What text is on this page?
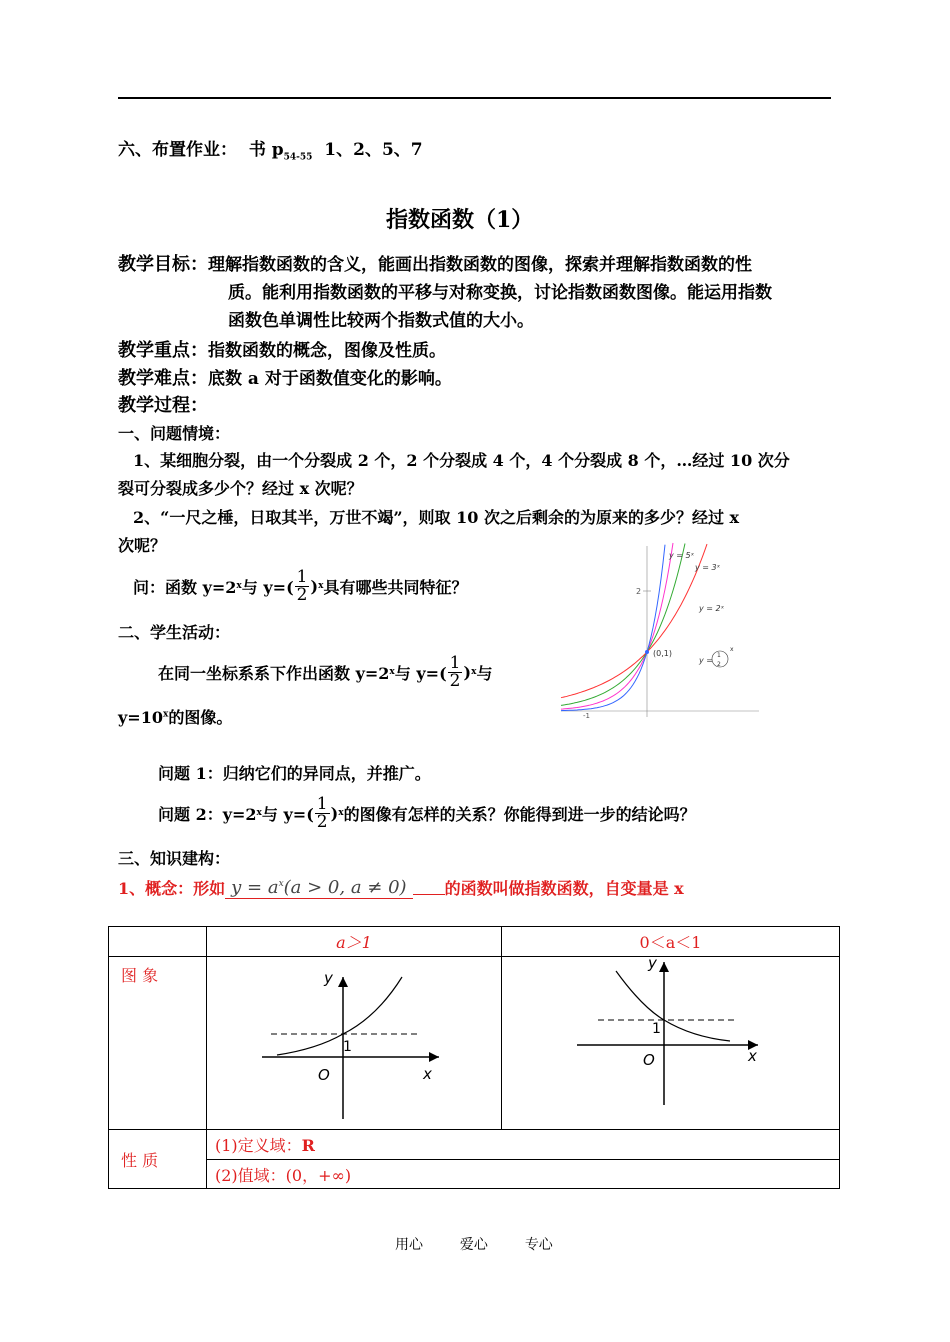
六、布置作业： 书 $p_{54-55}$ 1、2、5、7
指数函数（1）
教学目标：理解指数函数的含义，能画出指数函数的图像，探索并理解指数函数的性
质。能利用指数函数的平移与对称变换，讨论指数函数图像。能运用指数
函数色单调性比较两个指数式值的大小。
教学重点：指数函数的概念，图像及性质。
教学难点：底数 a 对于函数值变化的影响。
教学过程：
一、问题情境：
1、某细胞分裂，由一个分裂成 2 个，2 个分裂成 4 个，4 个分裂成 8 个，…经过 10 次分
裂可分裂成多少个？经过 x 次呢？
2、“一尺之棰，日取其半，万世不竭”，则取 10 次之后剩余的为原来的多少？经过 x
次呢？
问：函数 y=2 x 与 $y=( \frac{1}{2}$ ) x 具有哪些共同特征？
二、学生活动：
在同一坐标系系下作出函数 y=2 x 与 $y=( \frac{1}{2}$ ) x 与
$y=10^x$的图像。
问题 1：归纳它们的异同点，并推广。
问题 2：y=2 x 与 $y=( \frac{1}{2}$ ) x 的图像有怎样的关系？你能得到进一步的结论吗？
三、知识建构：
1、概念：形如 $y = a^x(a > 0$, a ≠ 0)	的函数叫做指数函数，自变量是 x
2
-1
y = 5ˣ
y = 3ˣ
y = 2ˣ
(0,1)
y =
1
2
x
	a＞1	0＜a＜1
图 象	y
x
O
1	y
x
O
1

性 质	(1)定义域：R	
	(2)值域：(0，+∞)	
用心	爱心	专心
